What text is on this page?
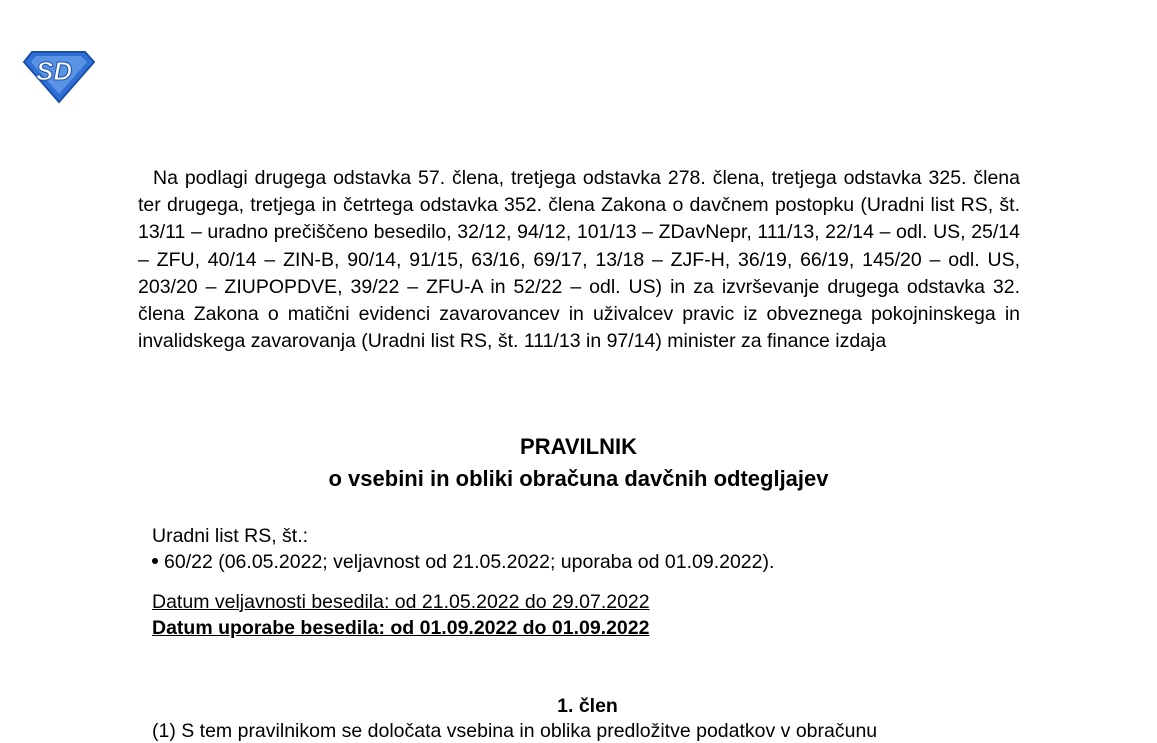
SD

Na podlagi drugega odstavka 57. člena, tretjega odstavka 278. člena, tretjega odstavka 325. člena ter drugega, tretjega in četrtega odstavka 352. člena Zakona o davčnem postopku (Uradni list RS, št. 13/11 – uradno prečiščeno besedilo, 32/12, 94/12, 101/13 – ZDavNepr, 111/13, 22/14 – odl. US, 25/14 – ZFU, 40/14 – ZIN-B, 90/14, 91/15, 63/16, 69/17, 13/18 – ZJF-H, 36/19, 66/19, 145/20 – odl. US, 203/20 – ZIUPOPDVE, 39/22 – ZFU-A in 52/22 – odl. US) in za izvrševanje drugega odstavka 32. člena Zakona o matični evidenci zavarovancev in uživalcev pravic iz obveznega pokojninskega in invalidskega zavarovanja (Uradni list RS, št. 111/13 in 97/14) minister za finance izdaja

PRAVILNIK
o vsebini in obliki obračuna davčnih odtegljajev

Uradni list RS, št.:

60/22 (06.05.2022; veljavnost od 21.05.2022; uporaba od 01.09.2022).

Datum veljavnosti besedila: od 21.05.2022 do 29.07.2022

Datum uporabe besedila: od 01.09.2022 do 01.09.2022

1. člen

(1) S tem pravilnikom se določata vsebina in oblika predložitve podatkov v obračunu
